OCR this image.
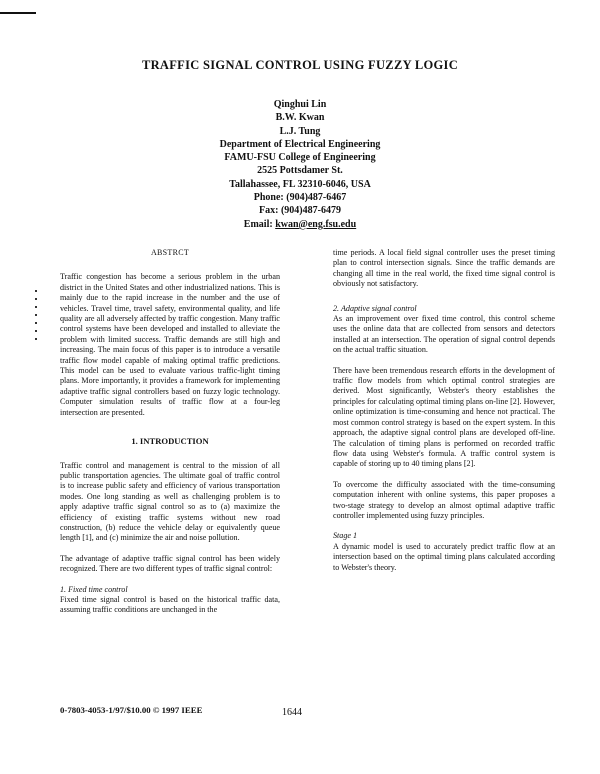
TRAFFIC SIGNAL CONTROL USING FUZZY LOGIC
Qinghui Lin
B.W. Kwan
L.J. Tung
Department of Electrical Engineering
FAMU-FSU College of Engineering
2525 Pottsdamer St.
Tallahassee, FL 32310-6046, USA
Phone: (904)487-6467
Fax: (904)487-6479
Email: kwan@eng.fsu.edu
ABSTRCT

Traffic congestion has become a serious problem in the urban district in the United States and other industrialized nations. This is mainly due to the rapid increase in the number and the use of vehicles. Travel time, travel safety, environmental quality, and life quality are all adversely affected by traffic congestion. Many traffic control systems have been developed and installed to alleviate the problem with limited success. Traffic demands are still high and increasing. The main focus of this paper is to introduce a versatile traffic flow model capable of making optimal traffic predictions. This model can be used to evaluate various traffic-light timing plans. More importantly, it provides a framework for implementing adaptive traffic signal controllers based on fuzzy logic technology. Computer simulation results of traffic flow at a four-leg intersection are presented.

1. INTRODUCTION

Traffic control and management is central to the mission of all public transportation agencies. The ultimate goal of traffic control is to increase public safety and efficiency of various transportation modes. One long standing as well as challenging problem is to apply adaptive traffic signal control so as to (a) maximize the efficiency of existing traffic systems without new road construction, (b) reduce the vehicle delay or equivalently queue length [1], and (c) minimize the air and noise pollution.

The advantage of adaptive traffic signal control has been widely recognized. There are two different types of traffic signal control:

1. Fixed time control

Fixed time signal control is based on the historical traffic data, assuming traffic conditions are unchanged in the

time periods. A local field signal controller uses the preset timing plan to control intersection signals. Since the traffic demands are changing all time in the real world, the fixed time signal control is obviously not satisfactory.

2. Adaptive signal control

As an improvement over fixed time control, this control scheme uses the online data that are collected from sensors and detectors installed at an intersection. The operation of signal control depends on the actual traffic situation.

There have been tremendous research efforts in the development of traffic flow models from which optimal control strategies are derived. Most significantly, Webster's theory establishes the principles for calculating optimal timing plans on-line [2]. However, online optimization is time-consuming and hence not practical. The most common control strategy is based on the expert system. In this approach, the adaptive signal control plans are developed off-line. The calculation of timing plans is performed on recorded traffic flow data using Webster's formula. A traffic control system is capable of storing up to 40 timing plans [2].

To overcome the difficulty associated with the time-consuming computation inherent with online systems, this paper proposes a two-stage strategy to develop an almost optimal adaptive traffic controller implemented using fuzzy principles.

Stage 1

A dynamic model is used to accurately predict traffic flow at an intersection based on the optimal timing plans calculated according to Webster's theory.

0-7803-4053-1/97/$10.00 © 1997 IEEE	1644
